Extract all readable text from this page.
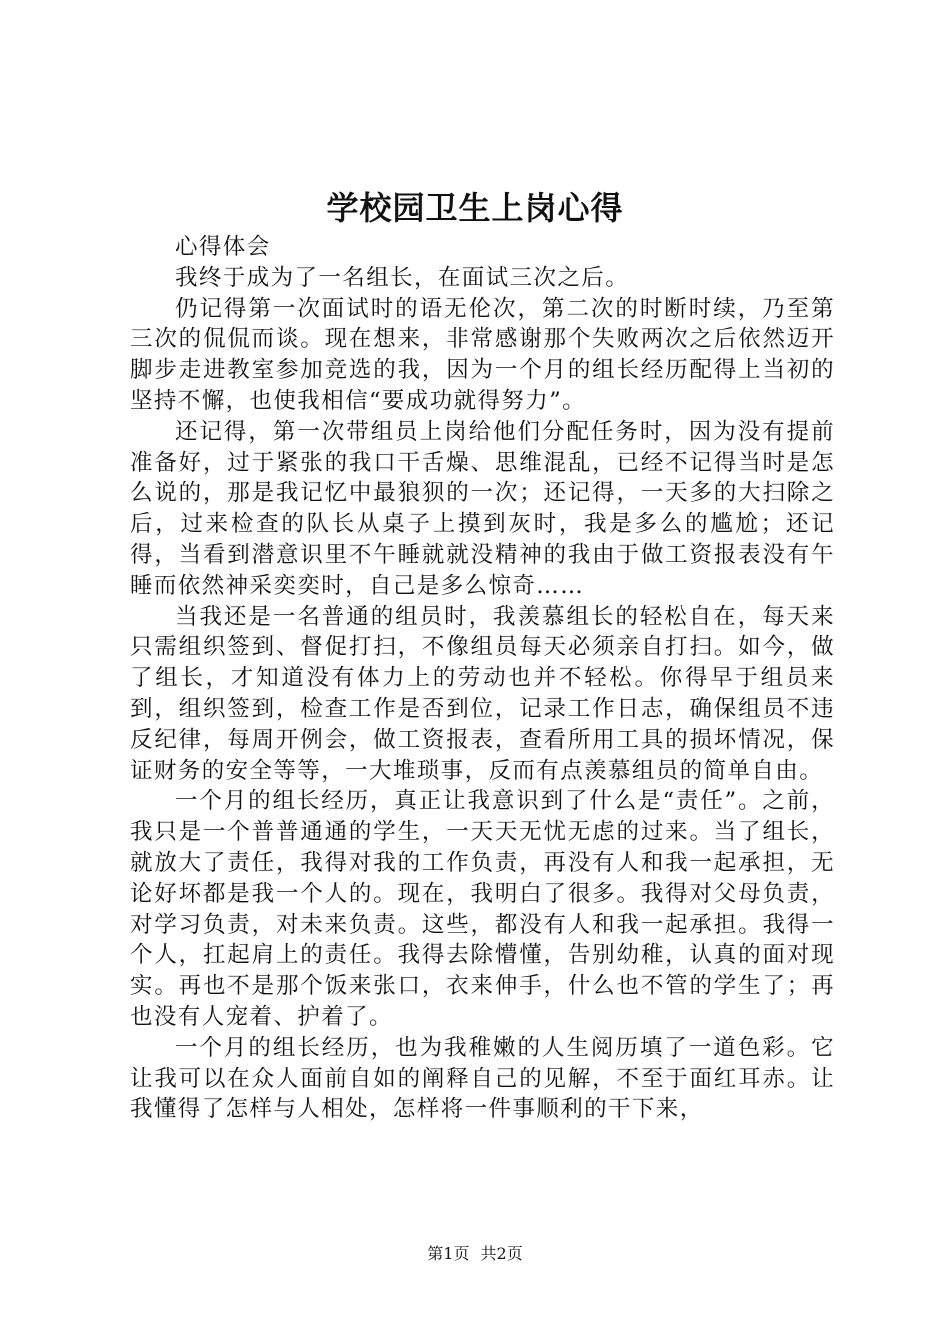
学校园卫生上岗心得

心得体会

我终于成为了一名组长，在面试三次之后。

仍记得第一次面试时的语无伦次，第二次的时断时续，乃至第三次的侃侃而谈。现在想来，非常感谢那个失败两次之后依然迈开脚步走进教室参加竞选的我，因为一个月的组长经历配得上当初的坚持不懈，也使我相信“要成功就得努力”。

还记得，第一次带组员上岗给他们分配任务时，因为没有提前准备好，过于紧张的我口干舌燥、思维混乱，已经不记得当时是怎么说的，那是我记忆中最狼狈的一次；还记得，一天多的大扫除之后，过来检查的队长从桌子上摸到灰时，我是多么的尴尬；还记得，当看到潜意识里不午睡就就没精神的我由于做工资报表没有午睡而依然神采奕奕时，自己是多么惊奇……

当我还是一名普通的组员时，我羡慕组长的轻松自在，每天来只需组织签到、督促打扫，不像组员每天必须亲自打扫。如今，做了组长，才知道没有体力上的劳动也并不轻松。你得早于组员来到，组织签到，检查工作是否到位，记录工作日志，确保组员不违反纪律，每周开例会，做工资报表，查看所用工具的损坏情况，保证财务的安全等等，一大堆琐事，反而有点羡慕组员的简单自由。

一个月的组长经历，真正让我意识到了什么是“责任”。之前，我只是一个普普通通的学生，一天天无忧无虑的过来。当了组长，就放大了责任，我得对我的工作负责，再没有人和我一起承担，无论好坏都是我一个人的。现在，我明白了很多。我得对父母负责，对学习负责，对未来负责。这些，都没有人和我一起承担。我得一个人，扛起肩上的责任。我得去除懵懂，告别幼稚，认真的面对现实。再也不是那个饭来张口，衣来伸手，什么也不管的学生了；再也没有人宠着、护着了。

一个月的组长经历，也为我稚嫩的人生阅历填了一道色彩。它让我可以在众人面前自如的阐释自己的见解，不至于面红耳赤。让我懂得了怎样与人相处，怎样将一件事顺利的干下来，

第1页 共2页
